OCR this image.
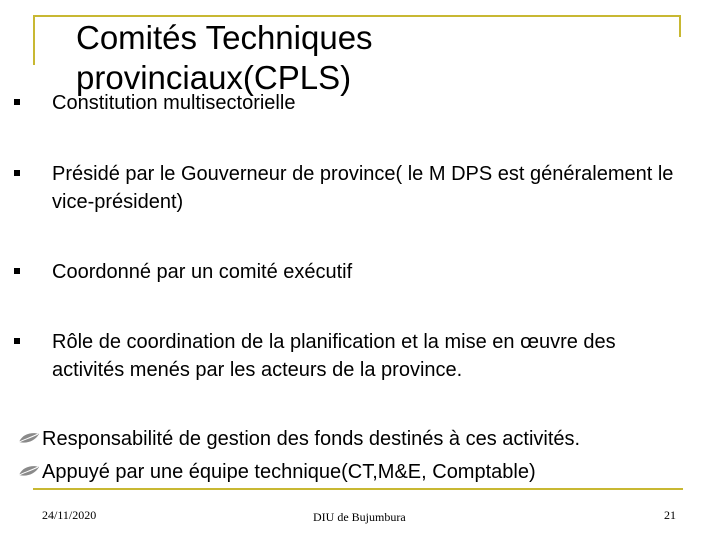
Comités Techniques provinciaux(CPLS)
Constitution multisectorielle
Présidé par le Gouverneur de province( le M DPS est généralement le vice-président)
Coordonné par un comité exécutif
Rôle de coordination de la planification et la mise en œuvre des activités menés par les acteurs de la province.
Responsabilité de gestion des fonds destinés à ces activités.
Appuyé par une équipe technique(CT,M&E, Comptable)
24/11/2020	DIU de Bujumbura	21
